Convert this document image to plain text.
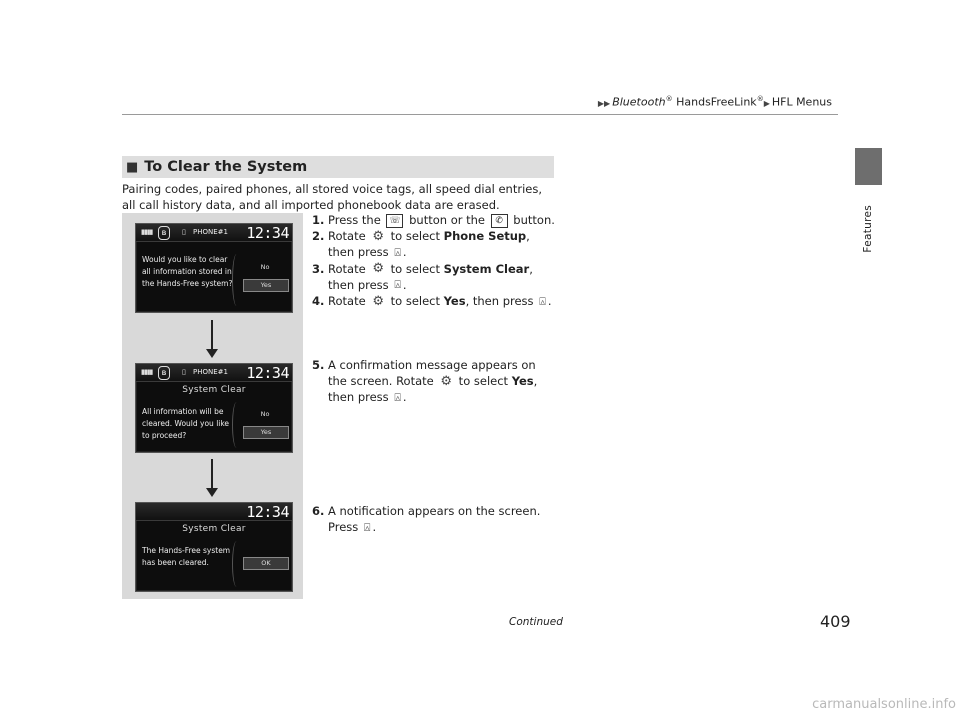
▶▶ Bluetooth® HandsFreeLink®▶ HFL Menus
Features
■ To Clear the System
Pairing codes, paired phones, all stored voice tags, all speed dial entries, all call history data, and all imported phonebook data are erased.
▮▮▮▮	ʙ	▯ PHONE#1 12:34
Would you like to clear all information stored in the Hands-Free system?
No
Yes
▮▮▮▮	ʙ	▯ PHONE#1 12:34
System Clear
All information will be cleared. Would you like to proceed?
No
Yes
12:34
System Clear
The Hands-Free system has been cleared.	OK
1. Press the ☏ button or the ✆ button.
2. Rotate ⚙ to select Phone Setup, then press ⍓ .
3. Rotate ⚙ to select System Clear, then press ⍓ .
4. Rotate ⚙ to select Yes, then press ⍓ .
5. A confirmation message appears on the screen. Rotate ⚙ to select Yes, then press ⍓ .
6. A notification appears on the screen. Press ⍓ .
Continued	409
carmanualsonline.info
